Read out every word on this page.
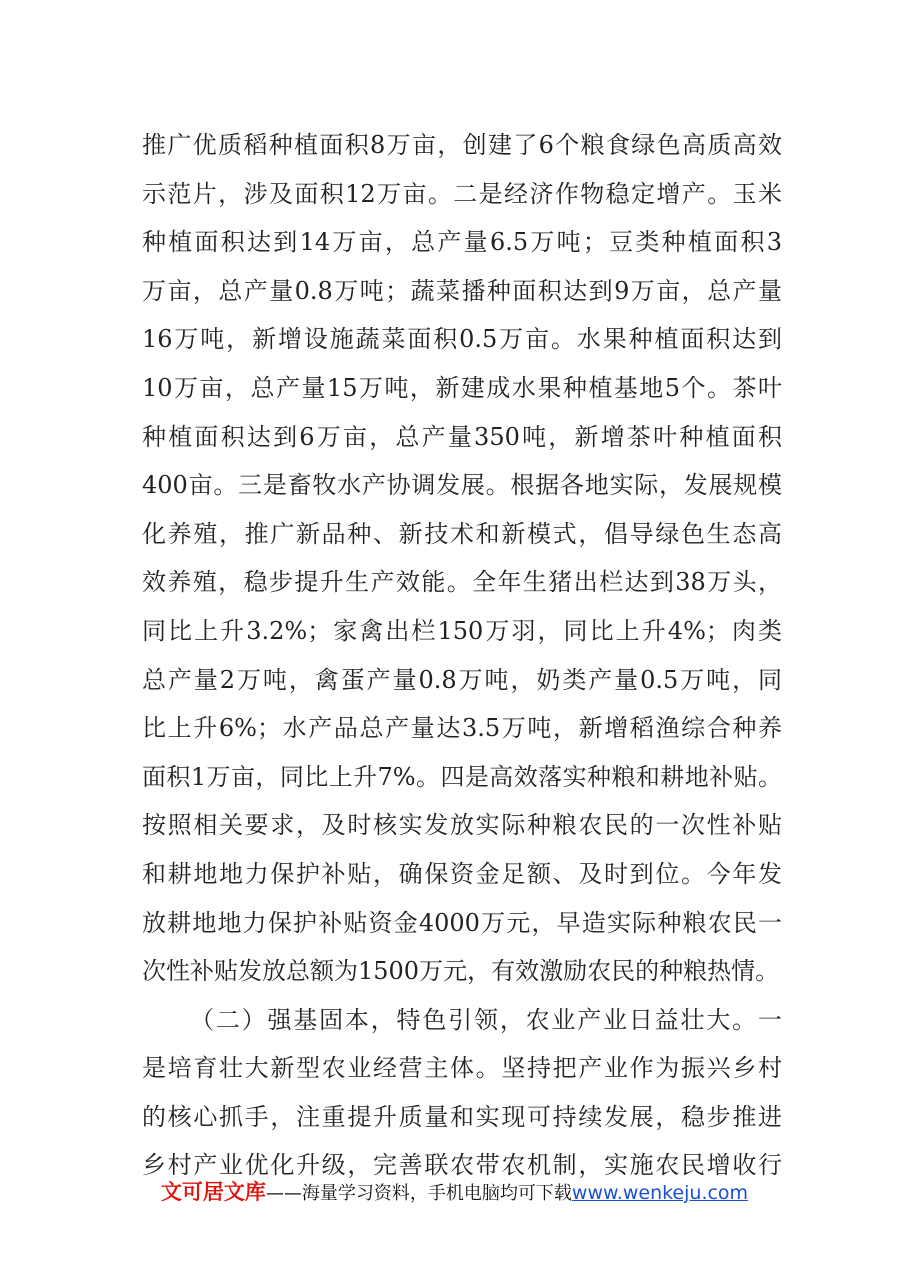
推广优质稻种植面积8万亩，创建了6个粮食绿色高质高效
示范片，涉及面积12万亩。二是经济作物稳定增产。玉米
种植面积达到14万亩，总产量6.5万吨；豆类种植面积3
万亩，总产量0.8万吨；蔬菜播种面积达到9万亩，总产量
16万吨，新增设施蔬菜面积0.5万亩。水果种植面积达到
10万亩，总产量15万吨，新建成水果种植基地5个。茶叶
种植面积达到6万亩，总产量350吨，新增茶叶种植面积
400亩。三是畜牧水产协调发展。根据各地实际，发展规模
化养殖，推广新品种、新技术和新模式，倡导绿色生态高
效养殖，稳步提升生产效能。全年生猪出栏达到38万头，
同比上升3.2%；家禽出栏150万羽，同比上升4%；肉类
总产量2万吨，禽蛋产量0.8万吨，奶类产量0.5万吨，同
比上升6%；水产品总产量达3.5万吨，新增稻渔综合种养
面积1万亩，同比上升7%。四是高效落实种粮和耕地补贴。
按照相关要求，及时核实发放实际种粮农民的一次性补贴
和耕地地力保护补贴，确保资金足额、及时到位。今年发
放耕地地力保护补贴资金4000万元，早造实际种粮农民一
次性补贴发放总额为1500万元，有效激励农民的种粮热情。
（二）强基固本，特色引领，农业产业日益壮大。一
是培育壮大新型农业经营主体。坚持把产业作为振兴乡村
的核心抓手，注重提升质量和实现可持续发展，稳步推进
乡村产业优化升级，完善联农带农机制，实施农民增收行
文可居文库——海量学习资料，手机电脑均可下载www.wenkeju.com
